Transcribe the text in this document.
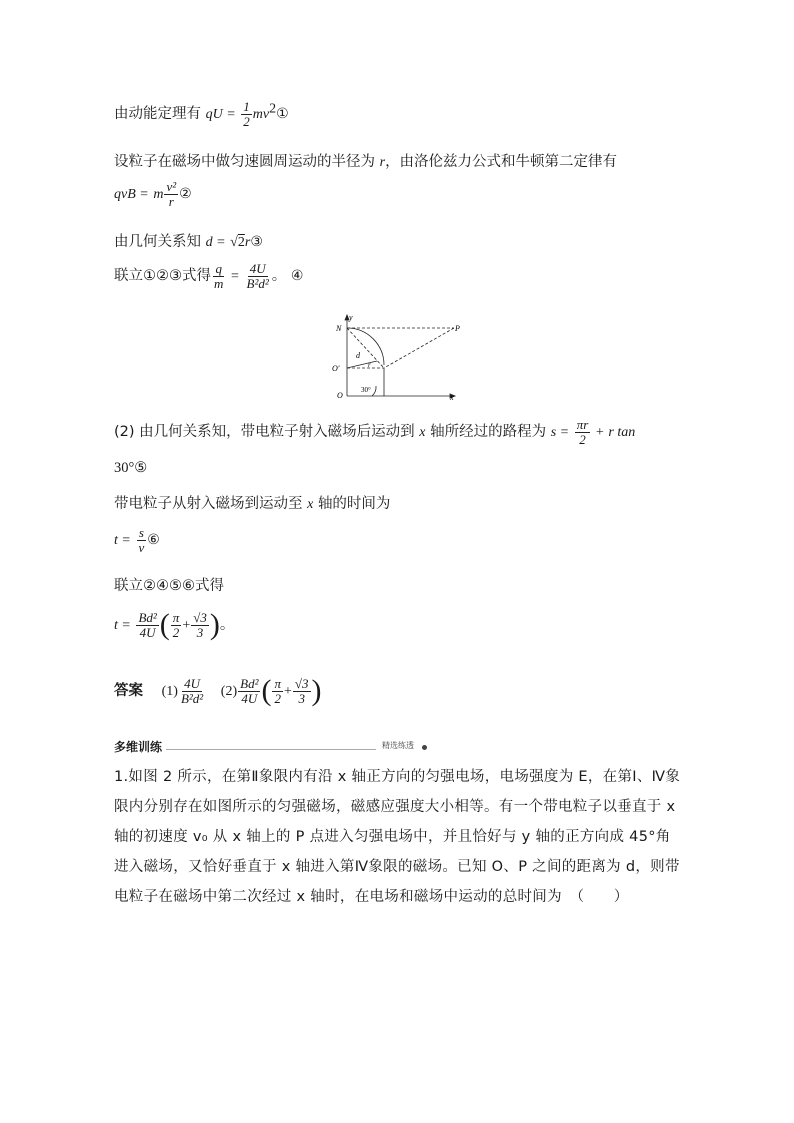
由动能定理有 qU = $\frac{1}{2}$ $mv^2①$
设粒子在磁场中做匀速圆周运动的半径为 r，由洛伦兹力公式和牛顿第二定律有
qvB = m $\frac{\text{v²}}{r}$ ②
由几何关系知 d = √2r③
联立①②③式得 $\frac{q}{m} = \frac{4U}{\text{B²d²}}$ 。 ④
y
x
N	P
O
O′
d
r
30°
(2) 由几何关系知，带电粒子射入磁场后运动到 x 轴所经过的路程为 $s = \frac{\pi r}{2} + r$ tan
30°⑤
带电粒子从射入磁场到运动至 x 轴的时间为
$t = \frac{s}{v}$ ⑥
联立②④⑤⑥式得
$t = \frac{\text{Bd²}}{4U}$ ( $\frac{\pi}{2} + \frac{√3}{3}$ )。
答案 $(1) \frac{4U}{\text{B²d²}} (2) \frac{\text{Bd²}}{4U}$ ( $\frac{\pi}{2} + \frac{√3}{3}$ )
多维训练	精选练透
1.如图 2 所示，在第Ⅱ象限内有沿 x 轴正方向的匀强电场，电场强度为 E，在第Ⅰ、Ⅳ象限内分别存在如图所示的匀强磁场，磁感应强度大小相等。有一个带电粒子以垂直于 x 轴的初速度 v₀ 从 x 轴上的 P 点进入匀强电场中，并且恰好与 y 轴的正方向成 45°角进入磁场，又恰好垂直于 x 轴进入第Ⅳ象限的磁场。已知 O、P 之间的距离为 d，则带电粒子在磁场中第二次经过 x 轴时，在电场和磁场中运动的总时间为　（　　）
